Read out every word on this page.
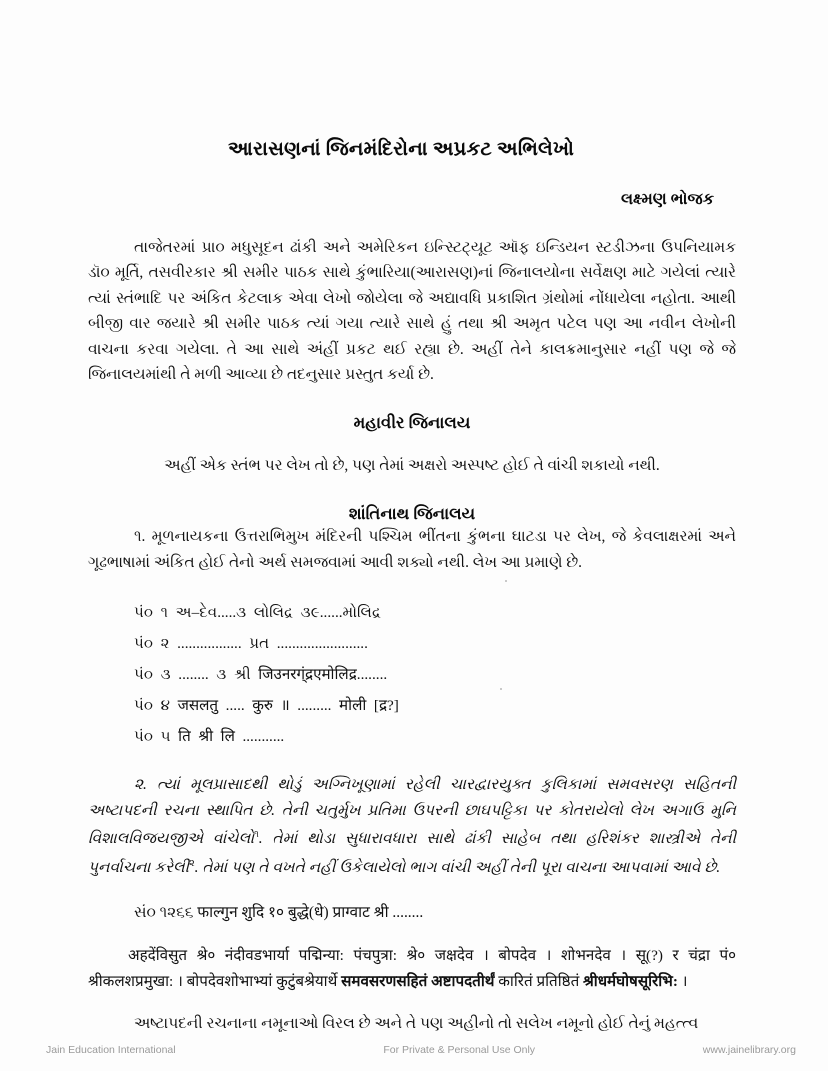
આરાસણનાં જિનમંદિરોના અપ્રકટ અભિલેખો
લક્ષ્મણ ભોજક

તાજેતરમાં પ્રા૦ મધુસૂદન ઢાંકી અને અમેરિકન ઇન્સ્ટિટ્યૂટ ઑફ ઇન્ડિયન સ્ટડીઝના ઉપનિયામક ડૉ૦ મૂર્તિ, તસવીરકાર શ્રી સમીર પાઠક સાથે કુંભારિયા(આરાસણ)નાં જિનાલયોના સર્વેક્ષણ માટે ગયેલાં ત્યારે ત્યાં સ્તંભાદિ પર અંકિત કેટલાક એવા લેખો જોયેલા જે અદ્યાવધિ પ્રકાશિત ગ્રંથોમાં નોંધાયેલા નહોતા. આથી બીજી વાર જયારે શ્રી સમીર પાઠક ત્યાં ગયા ત્યારે સાથે હું તથા શ્રી અમૃત પટેલ પણ આ નવીન લેખોની વાચના કરવા ગયેલા. તે આ સાથે અંહીં પ્રકટ થઈ રહ્યા છે. અહીં તેને કાલક્રમાનુસાર નહીં પણ જે જે જિનાલયમાંથી તે મળી આવ્યા છે તદનુસાર પ્રસ્તુત કર્યા છે.

મહાવીર જિનાલય

અહીં એક સ્તંભ પર લેખ તો છે, પણ તેમાં અક્ષરો અસ્પષ્ટ હોઈ તે વાંચી શકાયો નથી.

શાંતિનાથ જિનાલય

૧. મૂળનાયકના ઉત્તરાભિમુખ મંદિરની પશ્ચિમ ભીંતના કુંભના ઘાટડા પર લેખ, જે કેવલાક્ષરમાં અને ગૂઢભાષામાં અંકિત હોઈ તેનો અર્થ સમજવામાં આવી શક્યો નથી. લેખ આ પ્રમાણે છે.

પં૦  ૧  અ–દેવ.....૩  લોલિદ્ર  ૩૯......મોલિદ્ર
પં૦  ૨  .................  પ્રત  ........................
પં૦  ૩  ........  ૩  શ્રી  जिउनरग्ंद्रएमोलिद्र........
પં૦  ૪  जसलतु  .....  कुरु  ॥  .........  मोली  [द्र?]
પં૦  ૫  ति  श्री  लि  ...........

૨. ત્યાં મૂલપ્રાસાદથી થોડું અગ્નિખૂણામાં રહેલી ચારદ્વારયુક્ત કુલિકામાં સમવસરણ સહિતની અષ્ટાપદની રચના સ્થાપિત છે. તેની ચતુર્મુખ પ્રતિમા ઉપરની છાઘપટ્ટિકા પર કોતરાયેલો લેખ અગાઉ મુનિ વિશાલવિજયજીએ વાંચેલો$^૧$. તેમાં થોડા સુધારાવધારા સાથે ઢાંકી સાહેબ તથા હરિશંકર શાસ્ત્રીએ તેની પુનર્વાચના કરેલી$^૨$. તેમાં પણ તે વખતે નહીં ઉકેલાયેલો ભાગ વાંચી અહીં તેની પૂરા વાચના આપવામાં આવે છે.

સં૦ ૧૨૬૬ फाल्गुन शुदि १० बुद्धे(धे) प्राग्वाट श्री ........

अहदेंविसुत श्रे० नंदीवडभार्या पद्मिन्या: पंचपुत्रा: श्रे० जक्षदेव । बोपदेव । शोभनदेव । सू(?) र चंद्रा पं० श्रीकलशप्रमुखा: । बोपदेवशोभाभ्यां कुटुंबश्रेयार्थे समवसरणसहितं अष्टापदतीर्थं कारितं प्रतिष्ठितं श्रीधर्मघोषसूरिभि: ।

અષ્ટાપદની રચનાના નમૂનાઓ વિરલ છે અને તે પણ અહીનો તો સલેખ નમૂનો હોઈ તેનું મહત્ત્વ

Jain Education International	For Private & Personal Use Only	www.jainelibrary.org
